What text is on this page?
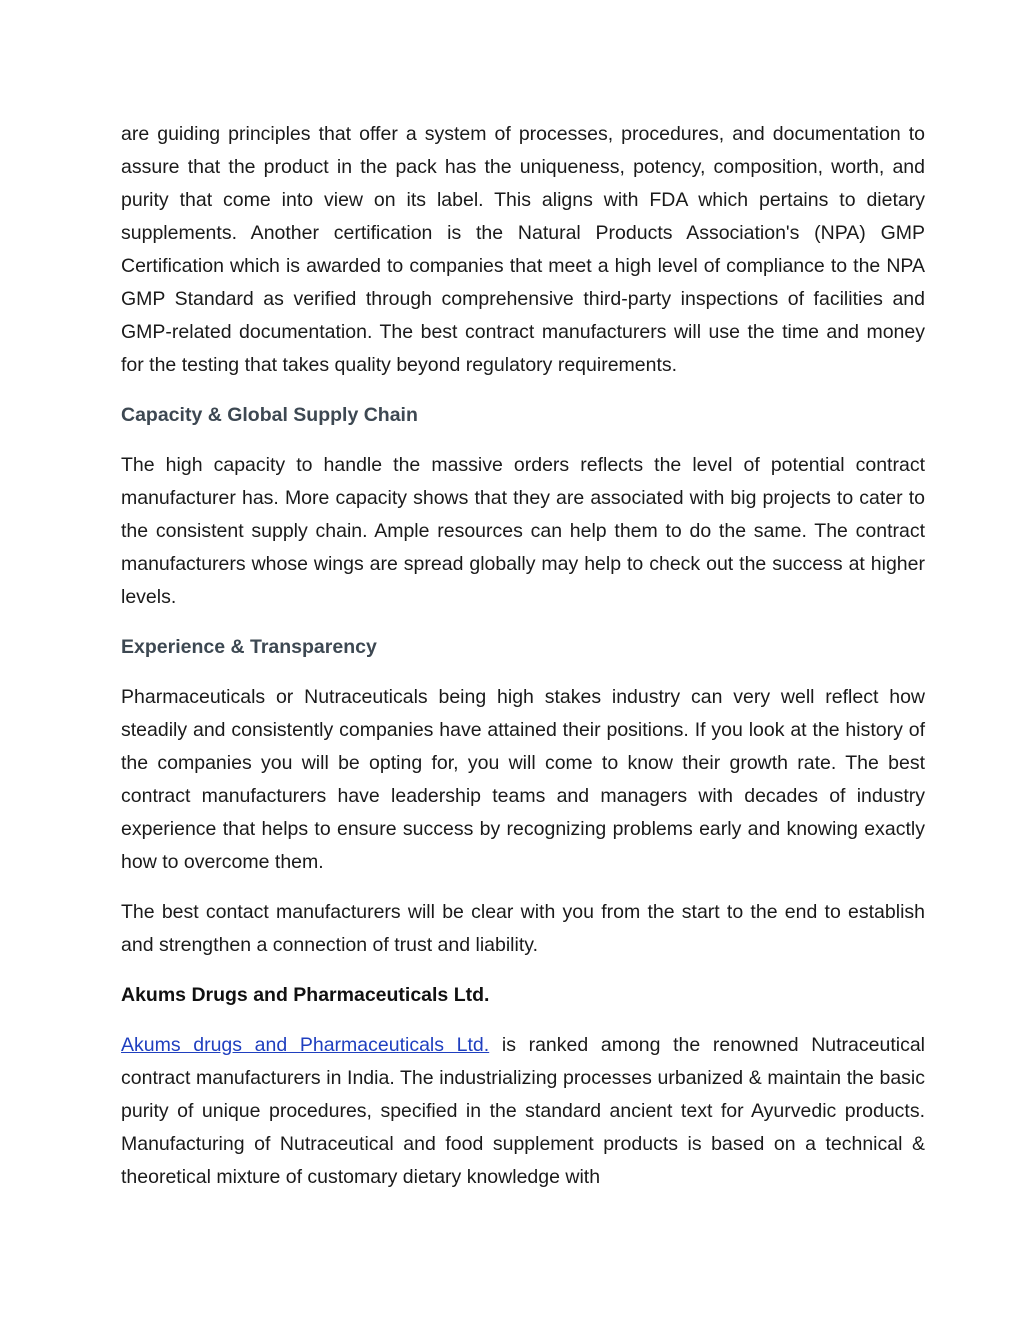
are guiding principles that offer a system of processes, procedures, and documentation to assure that the product in the pack has the uniqueness, potency, composition, worth, and purity that come into view on its label. This aligns with FDA which pertains to dietary supplements. Another certification is the Natural Products Association's (NPA) GMP Certification which is awarded to companies that meet a high level of compliance to the NPA GMP Standard as verified through comprehensive third-party inspections of facilities and GMP-related documentation. The best contract manufacturers will use the time and money for the testing that takes quality beyond regulatory requirements.

Capacity & Global Supply Chain

The high capacity to handle the massive orders reflects the level of potential contract manufacturer has. More capacity shows that they are associated with big projects to cater to the consistent supply chain. Ample resources can help them to do the same. The contract manufacturers whose wings are spread globally may help to check out the success at higher levels.

Experience & Transparency

Pharmaceuticals or Nutraceuticals being high stakes industry can very well reflect how steadily and consistently companies have attained their positions. If you look at the history of the companies you will be opting for, you will come to know their growth rate. The best contract manufacturers have leadership teams and managers with decades of industry experience that helps to ensure success by recognizing problems early and knowing exactly how to overcome them.

The best contact manufacturers will be clear with you from the start to the end to establish and strengthen a connection of trust and liability.

Akums Drugs and Pharmaceuticals Ltd.

Akums drugs and Pharmaceuticals Ltd. is ranked among the renowned Nutraceutical contract manufacturers in India. The industrializing processes urbanized & maintain the basic purity of unique procedures, specified in the standard ancient text for Ayurvedic products. Manufacturing of Nutraceutical and food supplement products is based on a technical & theoretical mixture of customary dietary knowledge with
